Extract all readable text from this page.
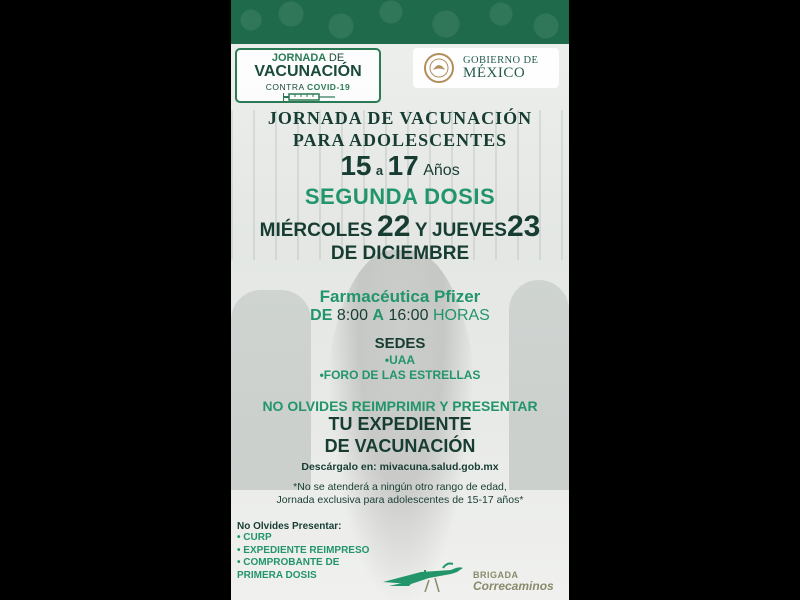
JORNADA DE
VACUNACIÓN
CONTRA COVID-19
GOBIERNO DE
MÉXICO
JORNADA DE VACUNACIÓN
PARA ADOLESCENTES
15 a 17 Años
SEGUNDA DOSIS
MIÉRCOLES 22 Y JUEVES23
DE DICIEMBRE
Farmacéutica Pfizer
DE 8:00 A 16:00 HORAS
SEDES
•UAA
•FORO DE LAS ESTRELLAS
NO OLVIDES REIMPRIMIR Y PRESENTAR
TU EXPEDIENTE
DE VACUNACIÓN
Descárgalo en: mivacuna.salud.gob.mx
*No se atenderá a ningún otro rango de edad,
Jornada exclusiva para adolescentes de 15-17 años*
No Olvides Presentar:
• CURP
• EXPEDIENTE REIMPRESO
• COMPROBANTE DE
PRIMERA DOSIS	BRIGADA
Correcaminos
